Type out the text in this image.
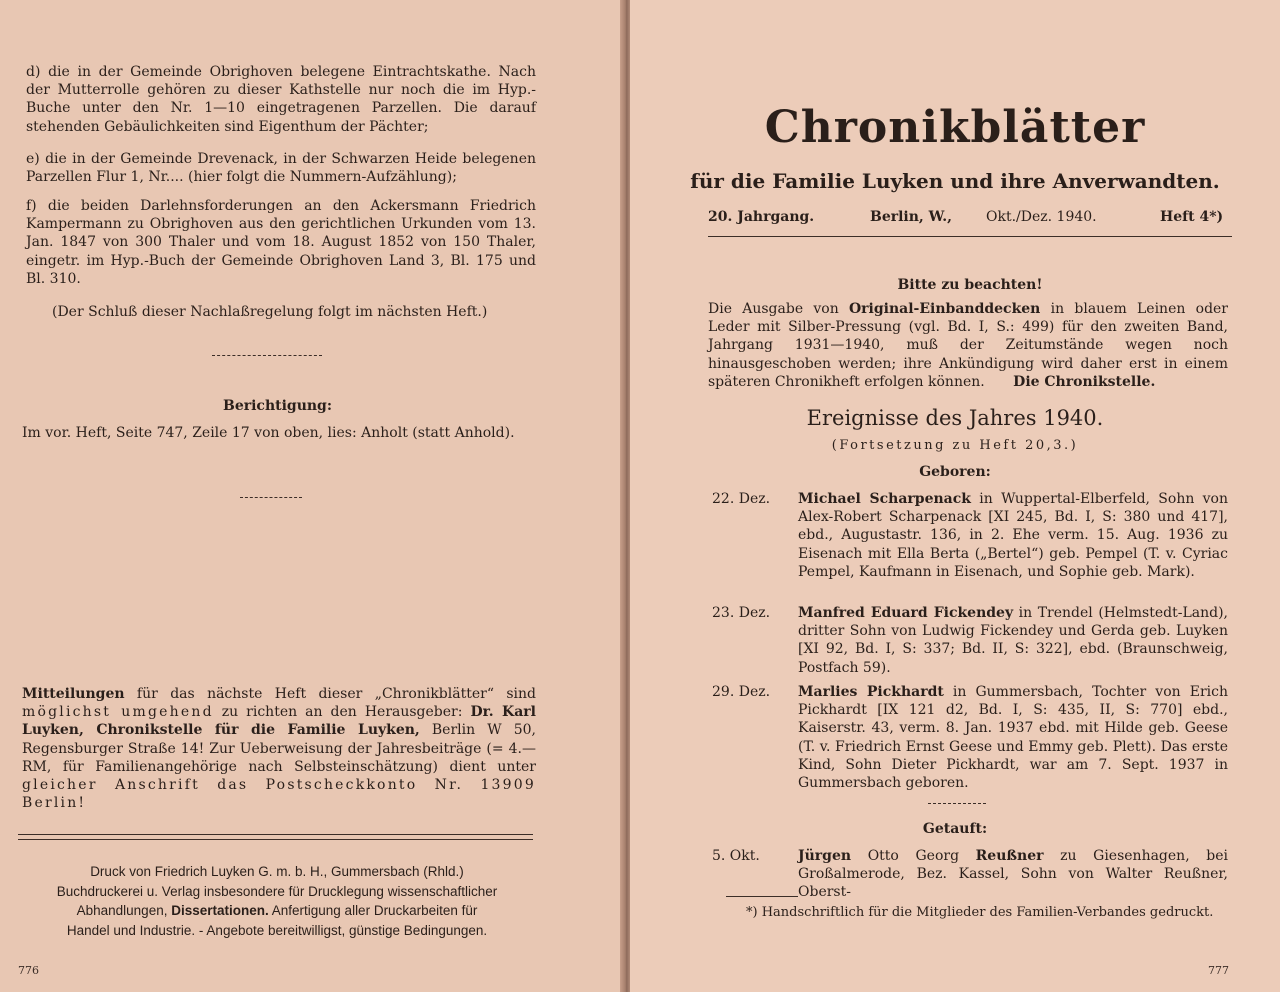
d) die in der Gemeinde Obrighoven belegene Eintrachtskathe. Nach der Mutterrolle gehören zu dieser Kathstelle nur noch die im Hyp.-Buche unter den Nr. 1—10 eingetragenen Parzellen. Die darauf stehenden Gebäulichkeiten sind Eigenthum der Pächter;
e) die in der Gemeinde Drevenack, in der Schwarzen Heide belegenen Parzellen Flur 1, Nr.... (hier folgt die Nummern-Aufzählung);
f) die beiden Darlehnsforderungen an den Ackersmann Friedrich Kampermann zu Obrighoven aus den gerichtlichen Urkunden vom 13. Jan. 1847 von 300 Thaler und vom 18. August 1852 von 150 Thaler, eingetr. im Hyp.-Buch der Gemeinde Obrighoven Land 3, Bl. 175 und Bl. 310.
(Der Schluß dieser Nachlaßregelung folgt im nächsten Heft.)
Berichtigung:
Im vor. Heft, Seite 747, Zeile 17 von oben, lies: Anholt (statt Anhold).
Mitteilungen für das nächste Heft dieser „Chronikblätter“ sind möglichst umgehend zu richten an den Herausgeber: Dr. Karl Luyken, Chronikstelle für die Familie Luyken, Berlin W 50, Regensburger Straße 14! Zur Ueberweisung der Jahresbeiträge (= 4.— RM, für Familienangehörige nach Selbsteinschätzung) dient unter gleicher Anschrift das Postscheckkonto Nr. 13909 Berlin!
Druck von Friedrich Luyken G. m. b. H., Gummersbach (Rhld.)
Buchdruckerei u. Verlag insbesondere für Drucklegung wissenschaftlicher
Abhandlungen, Dissertationen. Anfertigung aller Druckarbeiten für
Handel und Industrie. - Angebote bereitwilligst, günstige Bedingungen.
776
Chronikblätter
für die Familie Luyken und ihre Anverwandten.
20. Jahrgang.	Berlin, W., Okt./Dez. 1940.	Heft 4*)
Bitte zu beachten!
Die Ausgabe von Original-Einbanddecken in blauem Leinen oder Leder mit Silber-Pressung (vgl. Bd. I, S.: 499) für den zweiten Band, Jahrgang 1931—1940, muß der Zeitumstände wegen noch hinausgeschoben werden; ihre Ankündigung wird daher erst in einem späteren Chronikheft erfolgen können. Die Chronikstelle.
Ereignisse des Jahres 1940.
(Fortsetzung zu Heft 20,3.)
Geboren:
22. Dez.	Michael Scharpenack in Wuppertal-Elberfeld, Sohn von Alex-Robert Scharpenack [XI 245, Bd. I, S: 380 und 417], ebd., Augustastr. 136, in 2. Ehe verm. 15. Aug. 1936 zu Eisenach mit Ella Berta („Bertel“) geb. Pempel (T. v. Cyriac Pempel, Kaufmann in Eisenach, und Sophie geb. Mark).
23. Dez.	Manfred Eduard Fickendey in Trendel (Helmstedt-Land), dritter Sohn von Ludwig Fickendey und Gerda geb. Luyken [XI 92, Bd. I, S: 337; Bd. II, S: 322], ebd. (Braunschweig, Postfach 59).
29. Dez.	Marlies Pickhardt in Gummersbach, Tochter von Erich Pickhardt [IX 121 d2, Bd. I, S: 435, II, S: 770] ebd., Kaiserstr. 43, verm. 8. Jan. 1937 ebd. mit Hilde geb. Geese (T. v. Friedrich Ernst Geese und Emmy geb. Plett). Das erste Kind, Sohn Dieter Pickhardt, war am 7. Sept. 1937 in Gummersbach geboren.
Getauft:
5. Okt.	Jürgen Otto Georg Reußner zu Giesenhagen, bei Großalmerode, Bez. Kassel, Sohn von Walter Reußner, Oberst-
*) Handschriftlich für die Mitglieder des Familien-Verbandes gedruckt.
777
